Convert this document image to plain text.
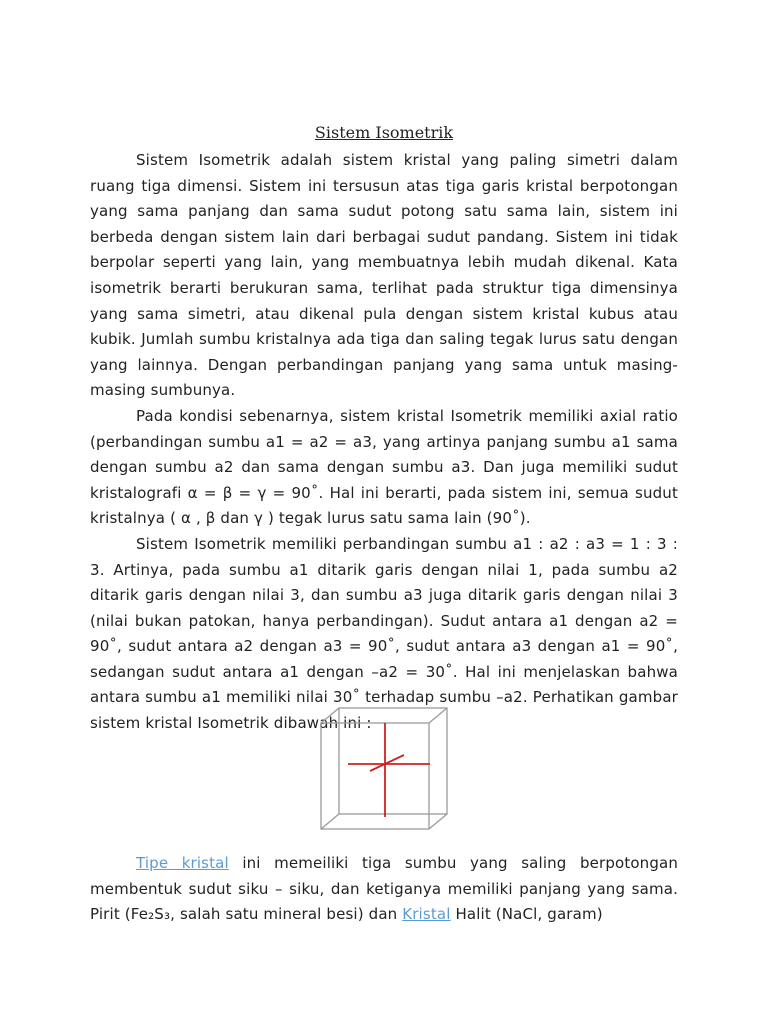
Sistem Isometrik

Sistem Isometrik adalah sistem kristal yang paling simetri dalam ruang tiga dimensi. Sistem ini tersusun atas tiga garis kristal berpotongan yang sama panjang dan sama sudut potong satu sama lain, sistem ini berbeda dengan sistem lain dari berbagai sudut pandang. Sistem ini tidak berpolar seperti yang lain, yang membuatnya lebih mudah dikenal. Kata isometrik berarti berukuran sama, terlihat pada struktur tiga dimensinya yang sama simetri, atau dikenal pula dengan sistem kristal kubus atau kubik. Jumlah sumbu kristalnya ada tiga dan saling tegak lurus satu dengan yang lainnya. Dengan perbandingan panjang yang sama untuk masing-masing sumbunya.

Pada kondisi sebenarnya, sistem kristal Isometrik memiliki axial ratio (perbandingan sumbu a1 = a2 = a3, yang artinya panjang sumbu a1 sama dengan sumbu a2 dan sama dengan sumbu a3. Dan juga memiliki sudut kristalografi α = β = γ = 90˚. Hal ini berarti, pada sistem ini, semua sudut kristalnya ( α , β dan γ ) tegak lurus satu sama lain (90˚).

Sistem Isometrik memiliki perbandingan sumbu a1 : a2 : a3 = 1 : 3 : 3. Artinya, pada sumbu a1 ditarik garis dengan nilai 1, pada sumbu a2 ditarik garis dengan nilai 3, dan sumbu a3 juga ditarik garis dengan nilai 3 (nilai bukan patokan, hanya perbandingan). Sudut antara a1 dengan a2 = 90˚, sudut antara a2 dengan a3 = 90˚, sudut antara a3 dengan a1 = 90˚, sedangan sudut antara a1 dengan –a2 = 30˚. Hal ini menjelaskan bahwa antara sumbu a1 memiliki nilai 30˚ terhadap sumbu –a2. Perhatikan gambar sistem kristal Isometrik dibawah ini :

Tipe kristal ini memeiliki tiga sumbu yang saling berpotongan membentuk sudut siku – siku, dan ketiganya memiliki panjang yang sama. Pirit (Fe₂S₃, salah satu mineral besi) dan Kristal Halit (NaCl, garam)
